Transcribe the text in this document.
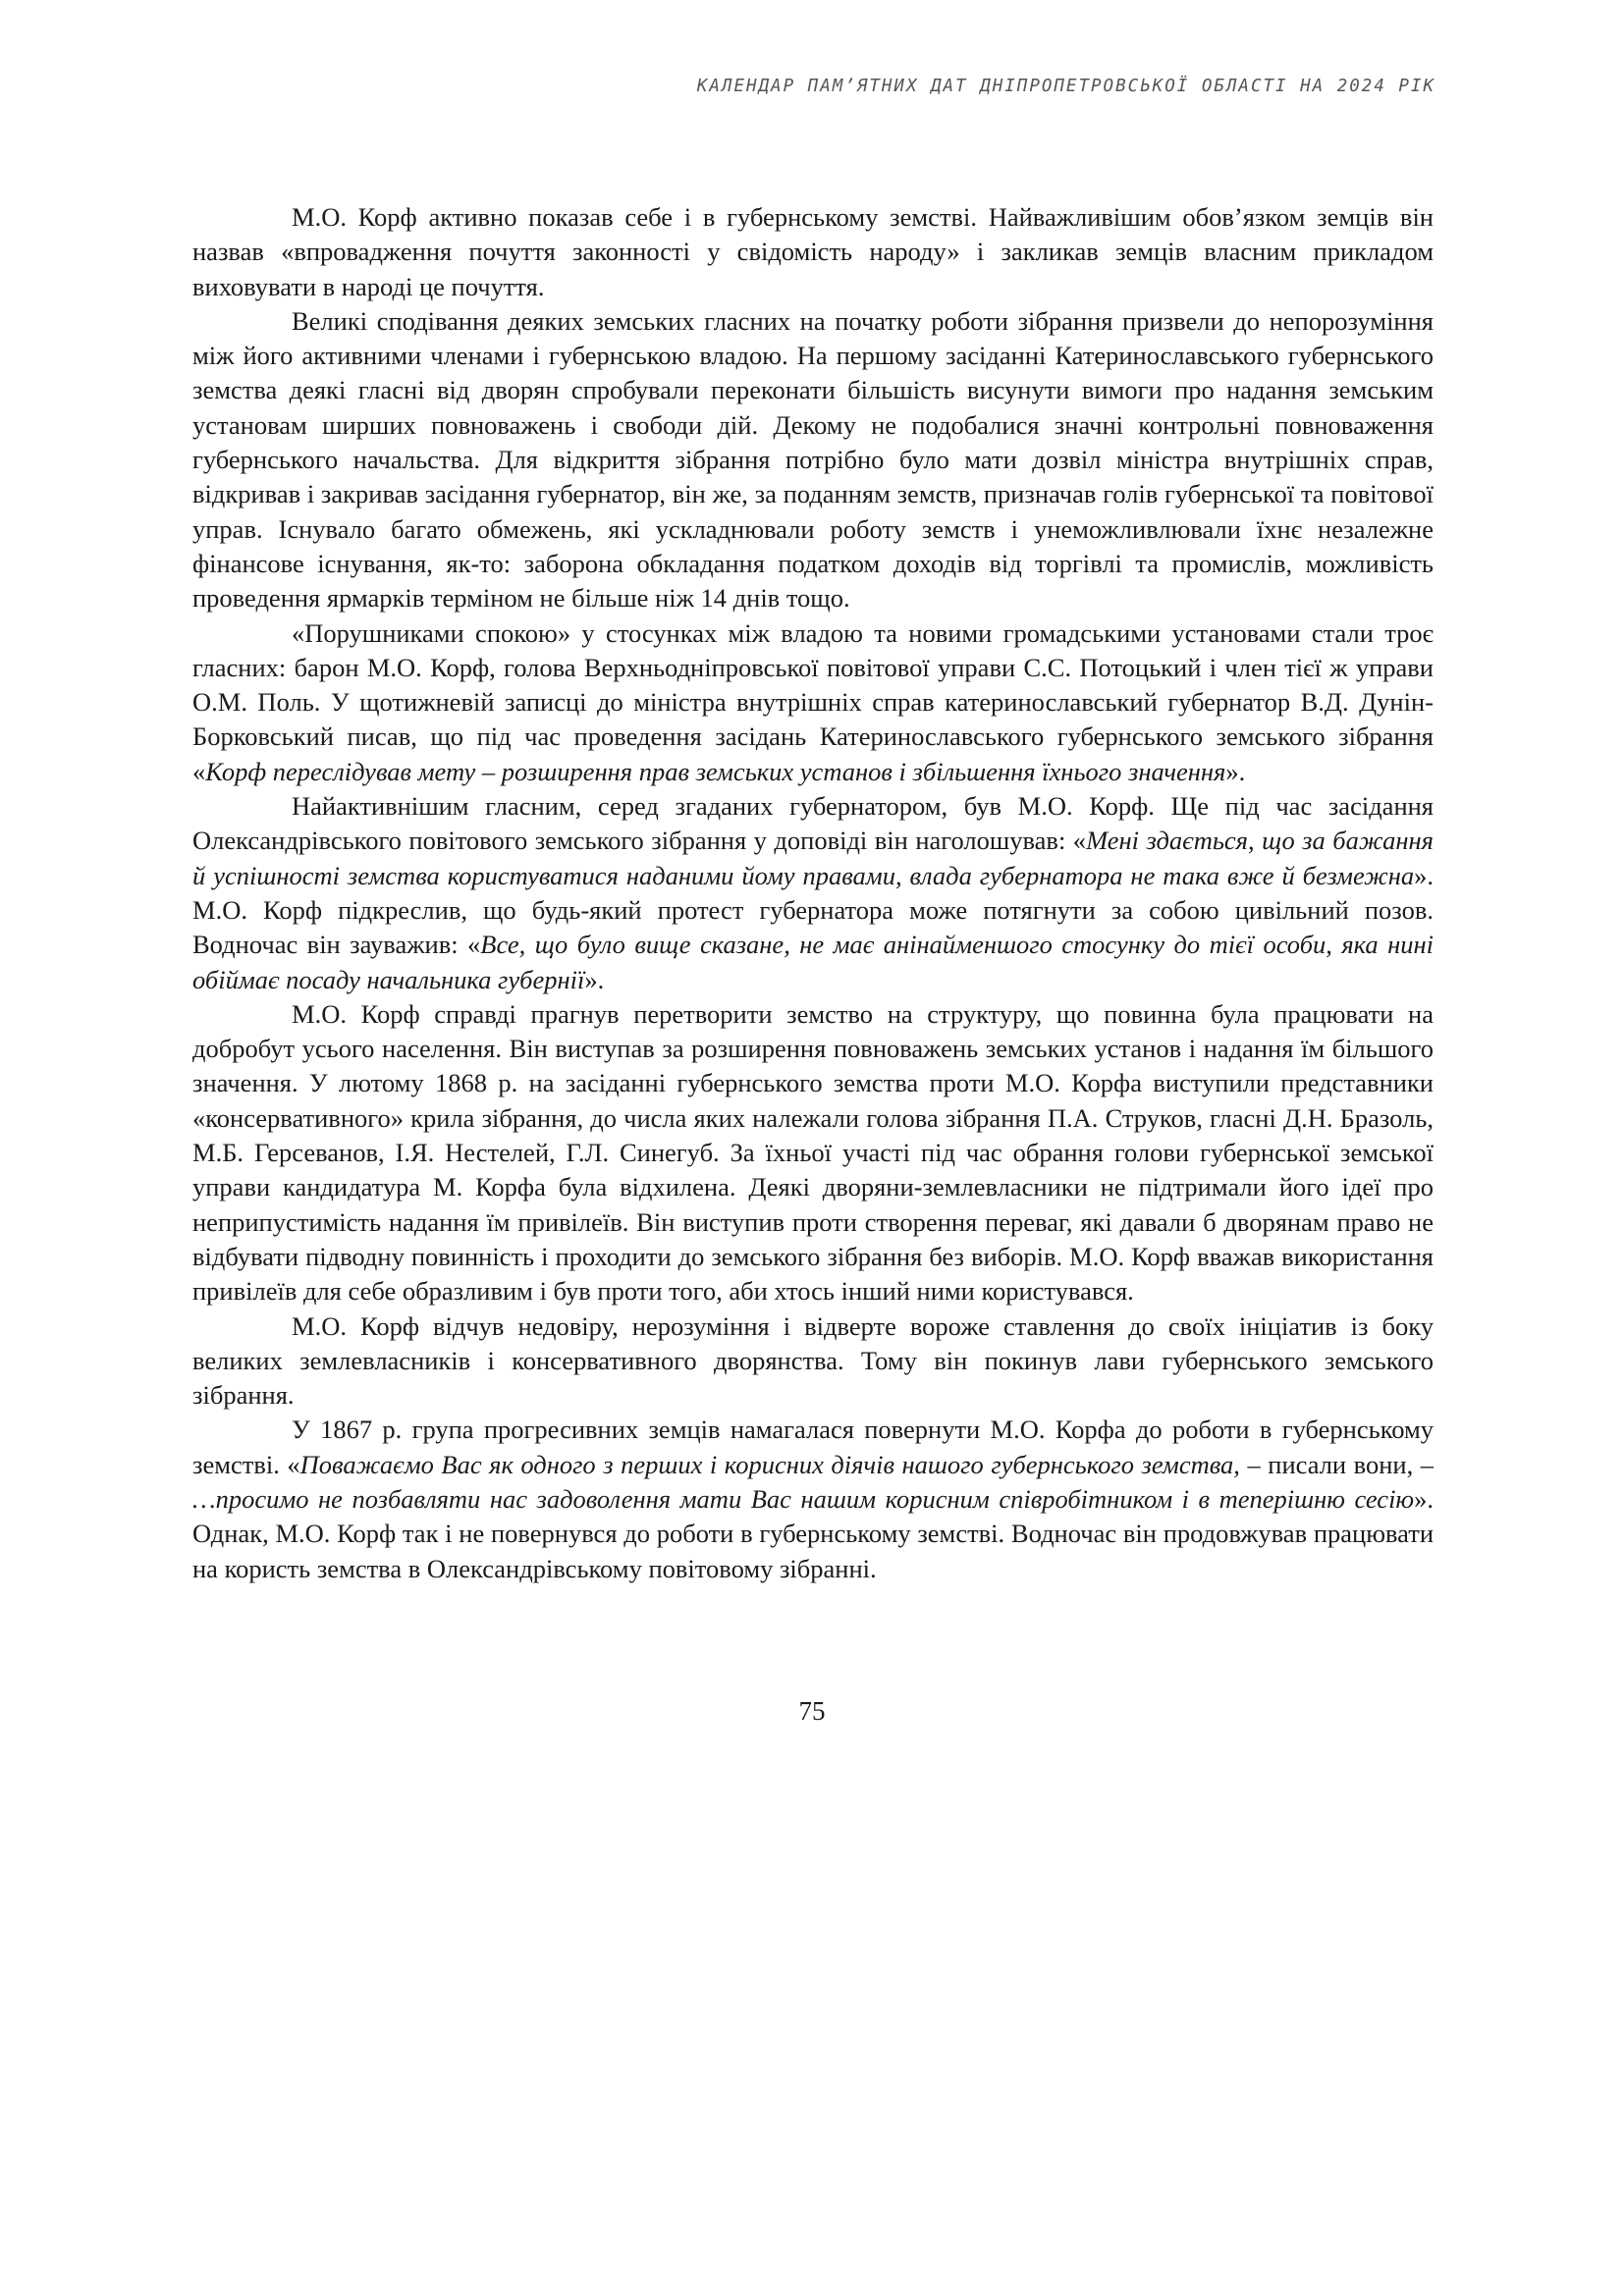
КАЛЕНДАР ПАМ’ЯТНИХ ДАТ ДНІПРОПЕТРОВСЬКОЇ ОБЛАСТІ НА 2024 РІК

М.О. Корф активно показав себе і в губернському земстві. Найважливішим обов’язком земців він назвав «впровадження почуття законності у свідомість народу» і закликав земців власним прикладом виховувати в народі це почуття.

Великі сподівання деяких земських гласних на початку роботи зібрання призвели до непорозуміння між його активними членами і губернською владою. На першому засіданні Катеринославського губернського земства деякі гласні від дворян спробували переконати більшість висунути вимоги про надання земським установам ширших повноважень і свободи дій. Декому не подобалися значні контрольні повноваження губернського начальства. Для відкриття зібрання потрібно було мати дозвіл міністра внутрішніх справ, відкривав і закривав засідання губернатор, він же, за поданням земств, призначав голів губернської та повітової управ. Існувало багато обмежень, які ускладнювали роботу земств і унеможливлювали їхнє незалежне фінансове існування, як-то: заборона обкладання податком доходів від торгівлі та промислів, можливість проведення ярмарків терміном не більше ніж 14 днів тощо.

«Порушниками спокою» у стосунках між владою та новими громадськими установами стали троє гласних: барон М.О. Корф, голова Верхньодніпровської повітової управи С.С. Потоцький і член тієї ж управи О.М. Поль. У щотижневій записці до міністра внутрішніх справ катеринославський губернатор В.Д. Дунін-Борковський писав, що під час проведення засідань Катеринославського губернського земського зібрання «Корф переслідував мету – розширення прав земських установ і збільшення їхнього значення».

Найактивнішим гласним, серед згаданих губернатором, був М.О. Корф. Ще під час засідання Олександрівського повітового земського зібрання у доповіді він наголошував: «Мені здається, що за бажання й успішності земства користуватися наданими йому правами, влада губернатора не така вже й безмежна». М.О. Корф підкреслив, що будь-який протест губернатора може потягнути за собою цивільний позов. Водночас він зауважив: «Все, що було вище сказане, не має анінайменшого стосунку до тієї особи, яка нині обіймає посаду начальника губернії».

М.О. Корф справді прагнув перетворити земство на структуру, що повинна була працювати на добробут усього населення. Він виступав за розширення повноважень земських установ і надання їм більшого значення. У лютому 1868 р. на засіданні губернського земства проти М.О. Корфа виступили представники «консервативного» крила зібрання, до числа яких належали голова зібрання П.А. Струков, гласні Д.Н. Бразоль, М.Б. Герсеванов, І.Я. Нестелей, Г.Л. Синегуб. За їхньої участі під час обрання голови губернської земської управи кандидатура М. Корфа була відхилена. Деякі дворяни-землевласники не підтримали його ідеї про неприпустимість надання їм привілеїв. Він виступив проти створення переваг, які давали б дворянам право не відбувати підводну повинність і проходити до земського зібрання без виборів. М.О. Корф вважав використання привілеїв для себе образливим і був проти того, аби хтось інший ними користувався.

М.О. Корф відчув недовіру, нерозуміння і відверте вороже ставлення до своїх ініціатив із боку великих землевласників і консервативного дворянства. Тому він покинув лави губернського земського зібрання.

У 1867 р. група прогресивних земців намагалася повернути М.О. Корфа до роботи в губернському земстві. «Поважаємо Вас як одного з перших і корисних діячів нашого губернського земства, – писали вони, – …просимо не позбавляти нас задоволення мати Вас нашим корисним співробітником і в теперішню сесію». Однак, М.О. Корф так і не повернувся до роботи в губернському земстві. Водночас він продовжував працювати на користь земства в Олександрівському повітовому зібранні.

75
